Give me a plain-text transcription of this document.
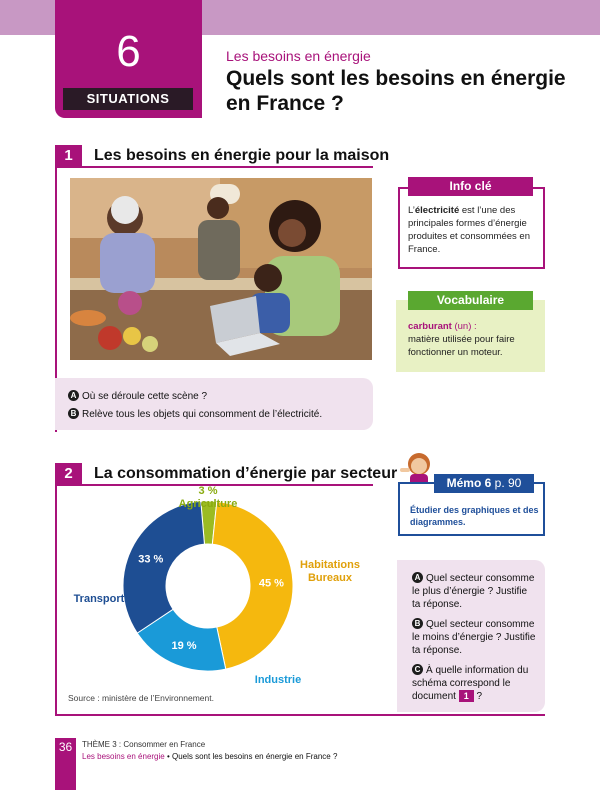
6
SITUATIONS
Les besoins en énergie
Quels sont les besoins en énergie en France ?
1	Les besoins en énergie pour la maison
A Où se déroule cette scène ?
B Relève tous les objets qui consomment de l’électricité.
Info clé
L’électricité est l’une des principales formes d’énergie produites et consommées en France.
Vocabulaire
carburant (un) :
matière utilisée pour faire fonctionner un moteur.
2	La consommation d’énergie par secteur
3 %
45 %
19 %
33 %
Agriculture
Habitations
Bureaux
Industrie
Transports
Source : ministère de l’Environnement.
Mémo 6 p. 90
Étudier des graphiques et des diagrammes.
A Quel secteur consomme le plus d’énergie ? Justifie ta réponse.
B Quel secteur consomme le moins d’énergie ? Justifie ta réponse.
C À quelle information du schéma correspond le document 1 ?
36	THÈME 3 : Consommer en France
Les besoins en énergie • Quels sont les besoins en énergie en France ?
